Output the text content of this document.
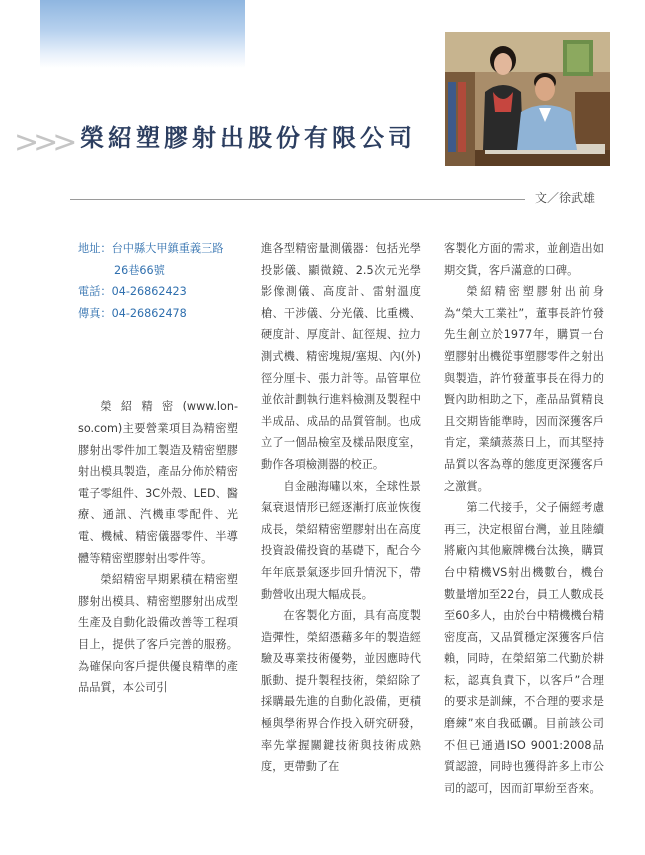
>>> 榮紹塑膠射出股份有限公司
文／徐武雄
地址：台中縣大甲鎮重義三路
26巷66號
電話：04-26862423
傳真：04-26862478

榮紹精密(www.lon-so.com)主要營業項目為精密塑膠射出零件加工製造及精密塑膠射出模具製造，產品分佈於精密電子零組件、3C外殼、LED、醫療、通訊、汽機車零配件、光電、機械、精密儀器零件、半導體等精密塑膠射出零件等。

榮紹精密早期累積在精密塑膠射出模具、精密塑膠射出成型生產及自動化設備改善等工程項目上，提供了客戶完善的服務。為確保向客戶提供優良精準的產品品質，本公司引

進各型精密量測儀器：包括光學投影儀、顯微鏡、2.5次元光學影像測儀、高度計、雷射溫度槍、干涉儀、分光儀、比重機、硬度計、厚度計、缸徑規、拉力測式機、精密塊規/塞規、內(外)徑分厘卡、張力計等。品管單位並依計劃執行進料檢測及製程中半成品、成品的品質管制。也成立了一個品檢室及樣品限度室，動作各項檢測器的校正。

自金融海嘯以來，全球性景氣衰退情形已經逐漸打底並恢復成長，榮紹精密塑膠射出在高度投資設備投資的基礎下，配合今年年底景氣逐步回升情況下，帶動營收出現大幅成長。

在客製化方面，具有高度製造彈性，榮紹憑藉多年的製造經驗及專業技術優勢，並因應時代脈動、提升製程技術，榮紹除了採購最先進的自動化設備，更積極與學術界合作投入研究研發，率先掌握關鍵技術與技術成熟度，更帶動了在

客製化方面的需求，並創造出如期交貨，客戶滿意的口碑。

榮紹精密塑膠射出前身為“榮大工業社”，董事長許竹發先生創立於1977年，購買一台塑膠射出機從事塑膠零件之射出與製造，許竹發董事長在得力的賢內助相助之下，產品品質精良且交期皆能準時，因而深獲客戶肯定，業績蒸蒸日上，而其堅持品質以客為尊的態度更深獲客戶之激賞。

第二代接手，父子倆經考慮再三，決定根留台灣，並且陸續將廠內其他廠牌機台汰換，購買台中精機VS射出機數台，機台數量增加至22台，員工人數成長至60多人，由於台中精機機台精密度高，又品質穩定深獲客戶信賴，同時，在榮紹第二代勤於耕耘，認真負責下，以客戶”合理的要求是訓練，不合理的要求是磨練”來自我砥礪。目前該公司不但已通過ISO 9001:2008品質認證，同時也獲得許多上市公司的認可，因而訂單紛至沓來。
